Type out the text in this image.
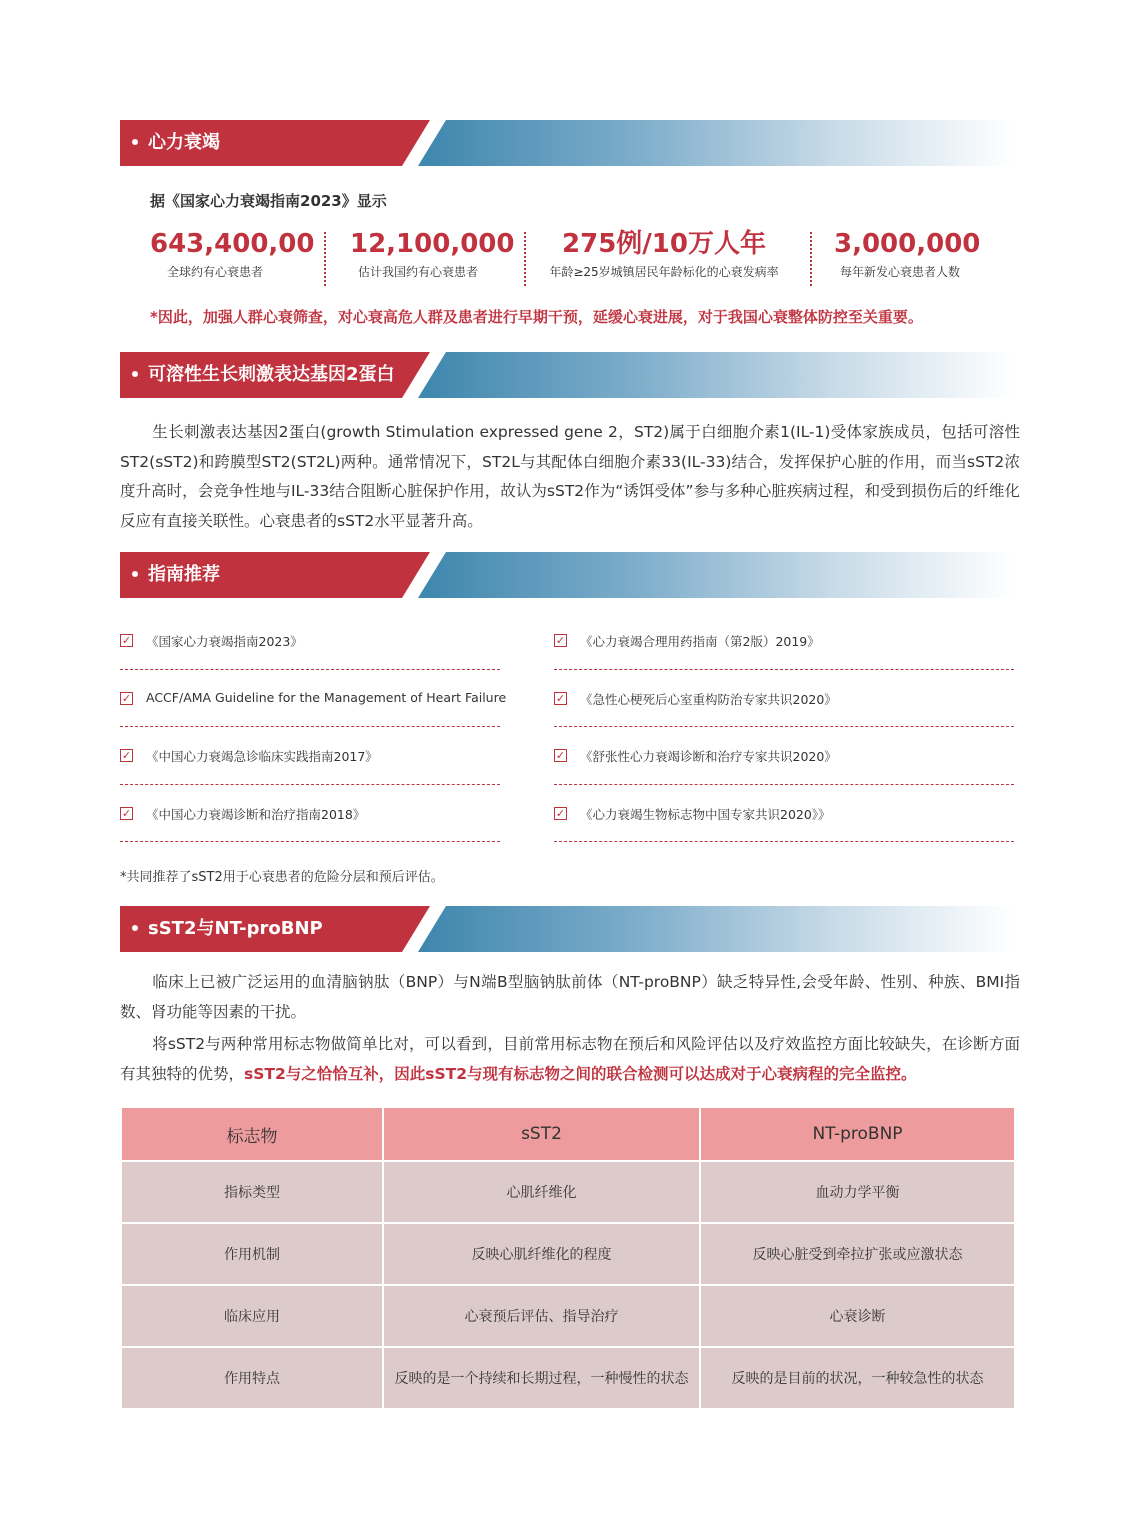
心力衰竭
据《国家心力衰竭指南2023》显示
643,400,00
全球约有心衰患者
12,100,000
估计我国约有心衰患者
275例/10万人年
年龄≥25岁城镇居民年龄标化的心衰发病率
3,000,000
每年新发心衰患者人数
*因此，加强人群心衰筛查，对心衰高危人群及患者进行早期干预，延缓心衰进展，对于我国心衰整体防控至关重要。
可溶性生长刺激表达基因2蛋白
生长刺激表达基因2蛋白(growth Stimulation expressed gene 2，ST2)属于白细胞介素1(IL-1)受体家族成员，包括可溶性ST2(sST2)和跨膜型ST2(ST2L)两种。通常情况下，ST2L与其配体白细胞介素33(IL-33)结合，发挥保护心脏的作用，而当sST2浓度升高时，会竞争性地与IL-33结合阻断心脏保护作用，故认为sST2作为“诱饵受体”参与多种心脏疾病过程，和受到损伤后的纤维化反应有直接关联性。心衰患者的sST2水平显著升高。
指南推荐
✓ 《国家心力衰竭指南2023》
✓ ACCF/AMA Guideline for the Management of Heart Failure
✓ 《中国心力衰竭急诊临床实践指南2017》
✓ 《中国心力衰竭诊断和治疗指南2018》
✓ 《心力衰竭合理用药指南（第2版）2019》
✓ 《急性心梗死后心室重构防治专家共识2020》
✓ 《舒张性心力衰竭诊断和治疗专家共识2020》
✓ 《心力衰竭生物标志物中国专家共识2020》》
*共同推荐了sST2用于心衰患者的危险分层和预后评估。
sST2与NT-proBNP
临床上已被广泛运用的血清脑钠肽（BNP）与N端B型脑钠肽前体（NT-proBNP）缺乏特异性,会受年龄、性别、种族、BMI指数、肾功能等因素的干扰。
将sST2与两种常用标志物做简单比对，可以看到，目前常用标志物在预后和风险评估以及疗效监控方面比较缺失，在诊断方面有其独特的优势，sST2与之恰恰互补，因此sST2与现有标志物之间的联合检测可以达成对于心衰病程的完全监控。
标志物	sST2	NT-proBNP
指标类型	心肌纤维化	血动力学平衡
作用机制	反映心肌纤维化的程度	反映心脏受到牵拉扩张或应激状态
临床应用	心衰预后评估、指导治疗	心衰诊断
作用特点	反映的是一个持续和长期过程，一种慢性的状态	反映的是目前的状况，一种较急性的状态
